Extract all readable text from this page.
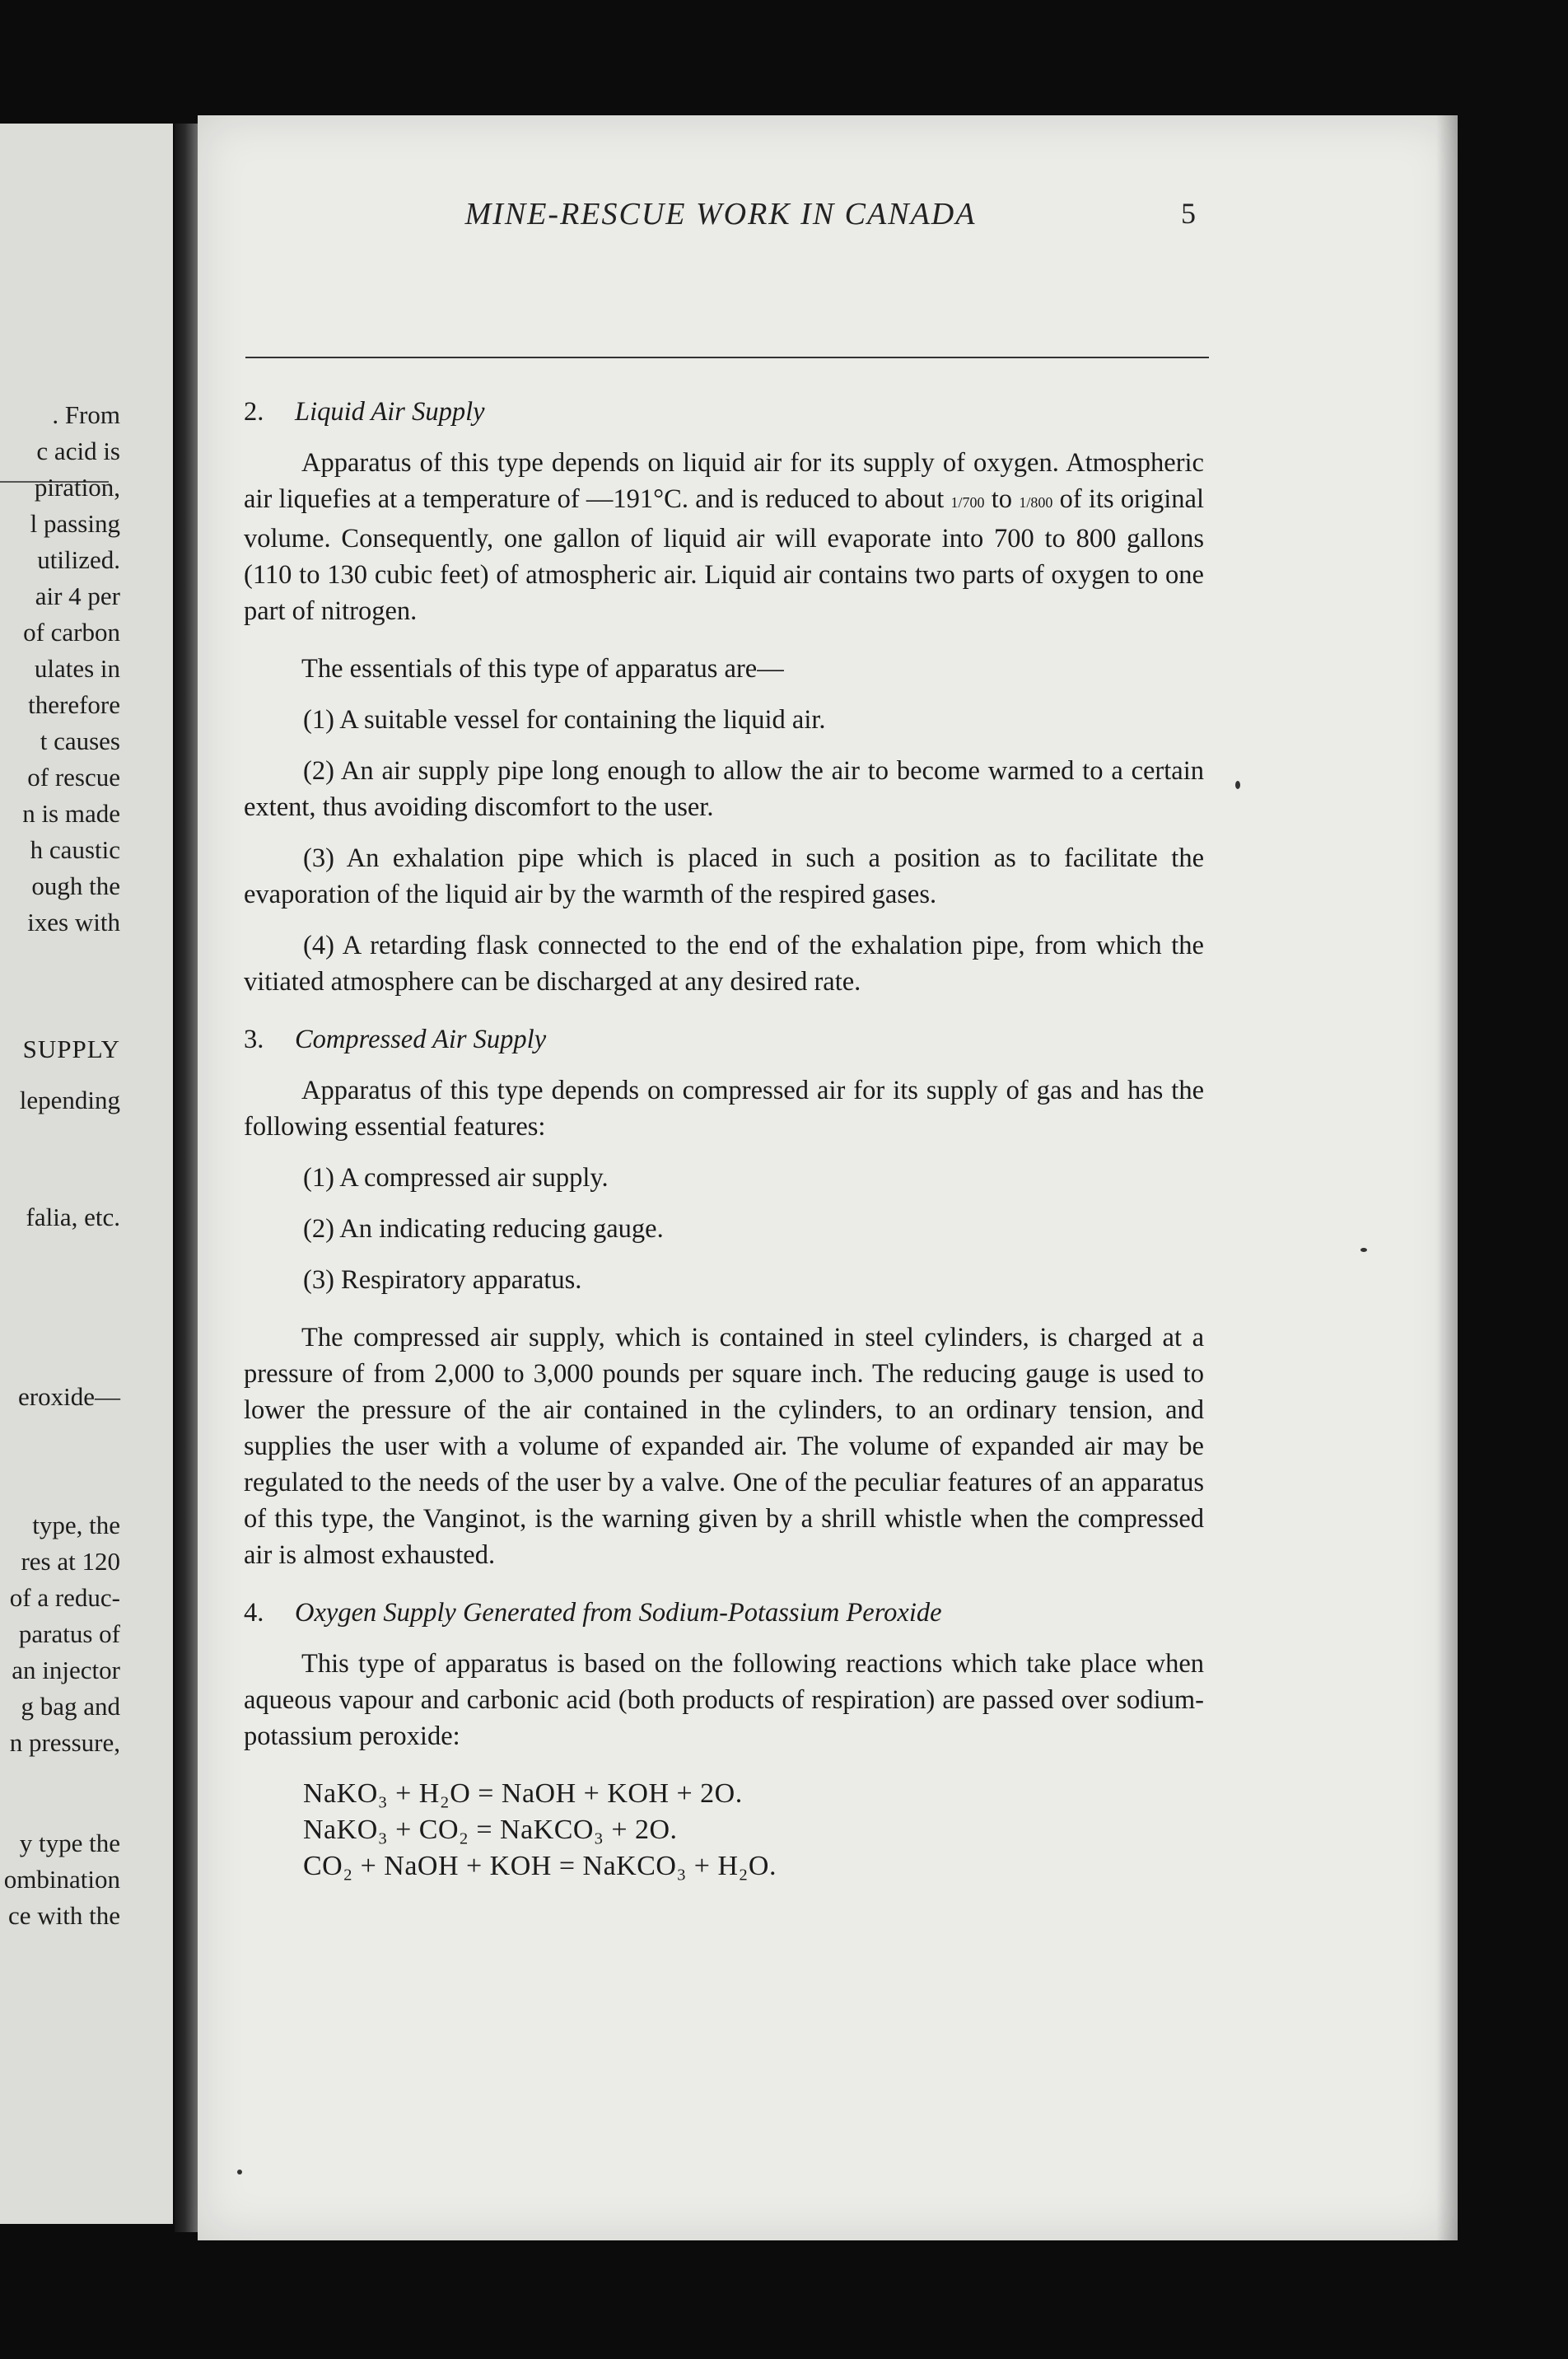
. From
c acid is
piration,
l passing
utilized.
air 4 per
of carbon
ulates in
therefore
t causes
of rescue
n is made
h caustic
ough the
ixes with
SUPPLY
lepending
falia, etc.
eroxide—
type, the
res at 120
of a reduc-
paratus of
an injector
g bag and
n pressure,
y type the
ombination
ce with the
MINE-RESCUE WORK IN CANADA	5

2. Liquid Air Supply

Apparatus of this type depends on liquid air for its supply of oxygen. Atmospheric air liquefies at a temperature of —191°C. and is reduced to about 1/700 to 1/800 of its original volume. Consequently, one gallon of liquid air will evaporate into 700 to 800 gallons (110 to 130 cubic feet) of atmospheric air. Liquid air contains two parts of oxygen to one part of nitrogen.

The essentials of this type of apparatus are—

(1) A suitable vessel for containing the liquid air.

(2) An air supply pipe long enough to allow the air to become warmed to a certain extent, thus avoiding discomfort to the user.

(3) An exhalation pipe which is placed in such a position as to facilitate the evaporation of the liquid air by the warmth of the respired gases.

(4) A retarding flask connected to the end of the exhalation pipe, from which the vitiated atmosphere can be discharged at any desired rate.

3. Compressed Air Supply

Apparatus of this type depends on compressed air for its supply of gas and has the following essential features:

(1) A compressed air supply.

(2) An indicating reducing gauge.

(3) Respiratory apparatus.

The compressed air supply, which is contained in steel cylinders, is charged at a pressure of from 2,000 to 3,000 pounds per square inch. The reducing gauge is used to lower the pressure of the air contained in the cylinders, to an ordinary tension, and supplies the user with a volume of expanded air. The volume of expanded air may be regulated to the needs of the user by a valve. One of the peculiar features of an apparatus of this type, the Vanginot, is the warning given by a shrill whistle when the compressed air is almost exhausted.

4. Oxygen Supply Generated from Sodium-Potassium Peroxide

This type of apparatus is based on the following reactions which take place when aqueous vapour and carbonic acid (both products of respiration) are passed over sodium-potassium peroxide:

NaKO₃ + H₂O = NaOH + KOH + 2O.

NaKO₃ + CO₂ = NaKCO₃ + 2O.

CO₂ + NaOH + KOH = NaKCO₃ + H₂O.
